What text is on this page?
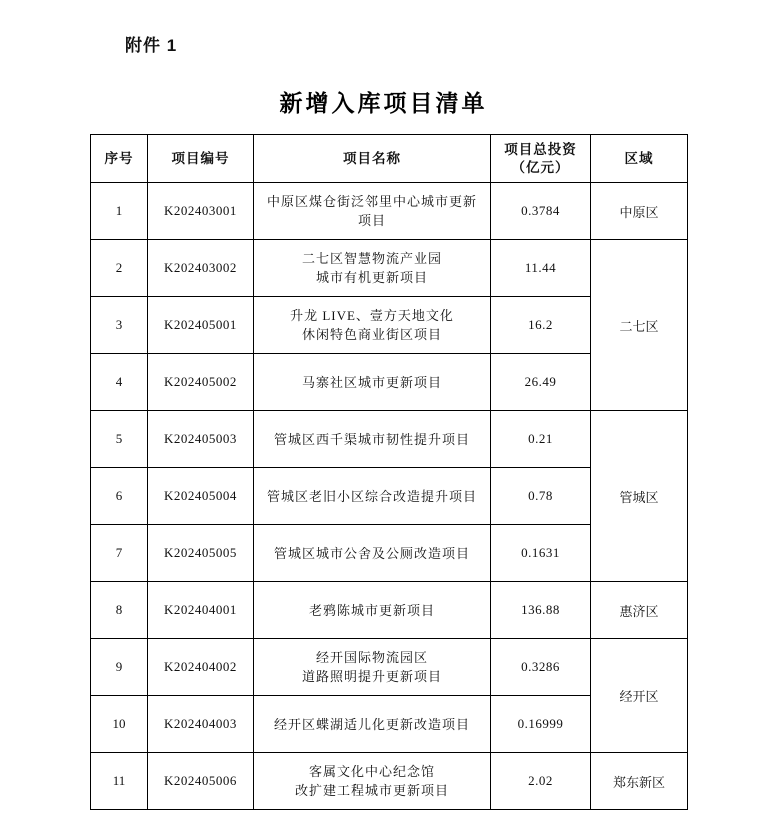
附件 1
新增入库项目清单
序号	项目编号	项目名称	项目总投资
（亿元）	区域

1	K202403001	中原区煤仓街泛邻里中心城市更新
项目	0.3784	中原区
2	K202403002	二七区智慧物流产业园
城市有机更新项目	11.44	二七区
3	K202405001	升龙 LIVE、壹方天地文化
休闲特色商业街区项目	16.2	
4	K202405002	马寨社区城市更新项目	26.49	
5	K202405003	管城区西千渠城市韧性提升项目	0.21	管城区
6	K202405004	管城区老旧小区综合改造提升项目	0.78	
7	K202405005	管城区城市公舍及公厕改造项目	0.1631	
8	K202404001	老鸦陈城市更新项目	136.88	惠济区
9	K202404002	经开国际物流园区
道路照明提升更新项目	0.3286	经开区
10	K202404003	经开区蝶湖适儿化更新改造项目	0.16999	
11	K202405006	客属文化中心纪念馆
改扩建工程城市更新项目	2.02	郑东新区
